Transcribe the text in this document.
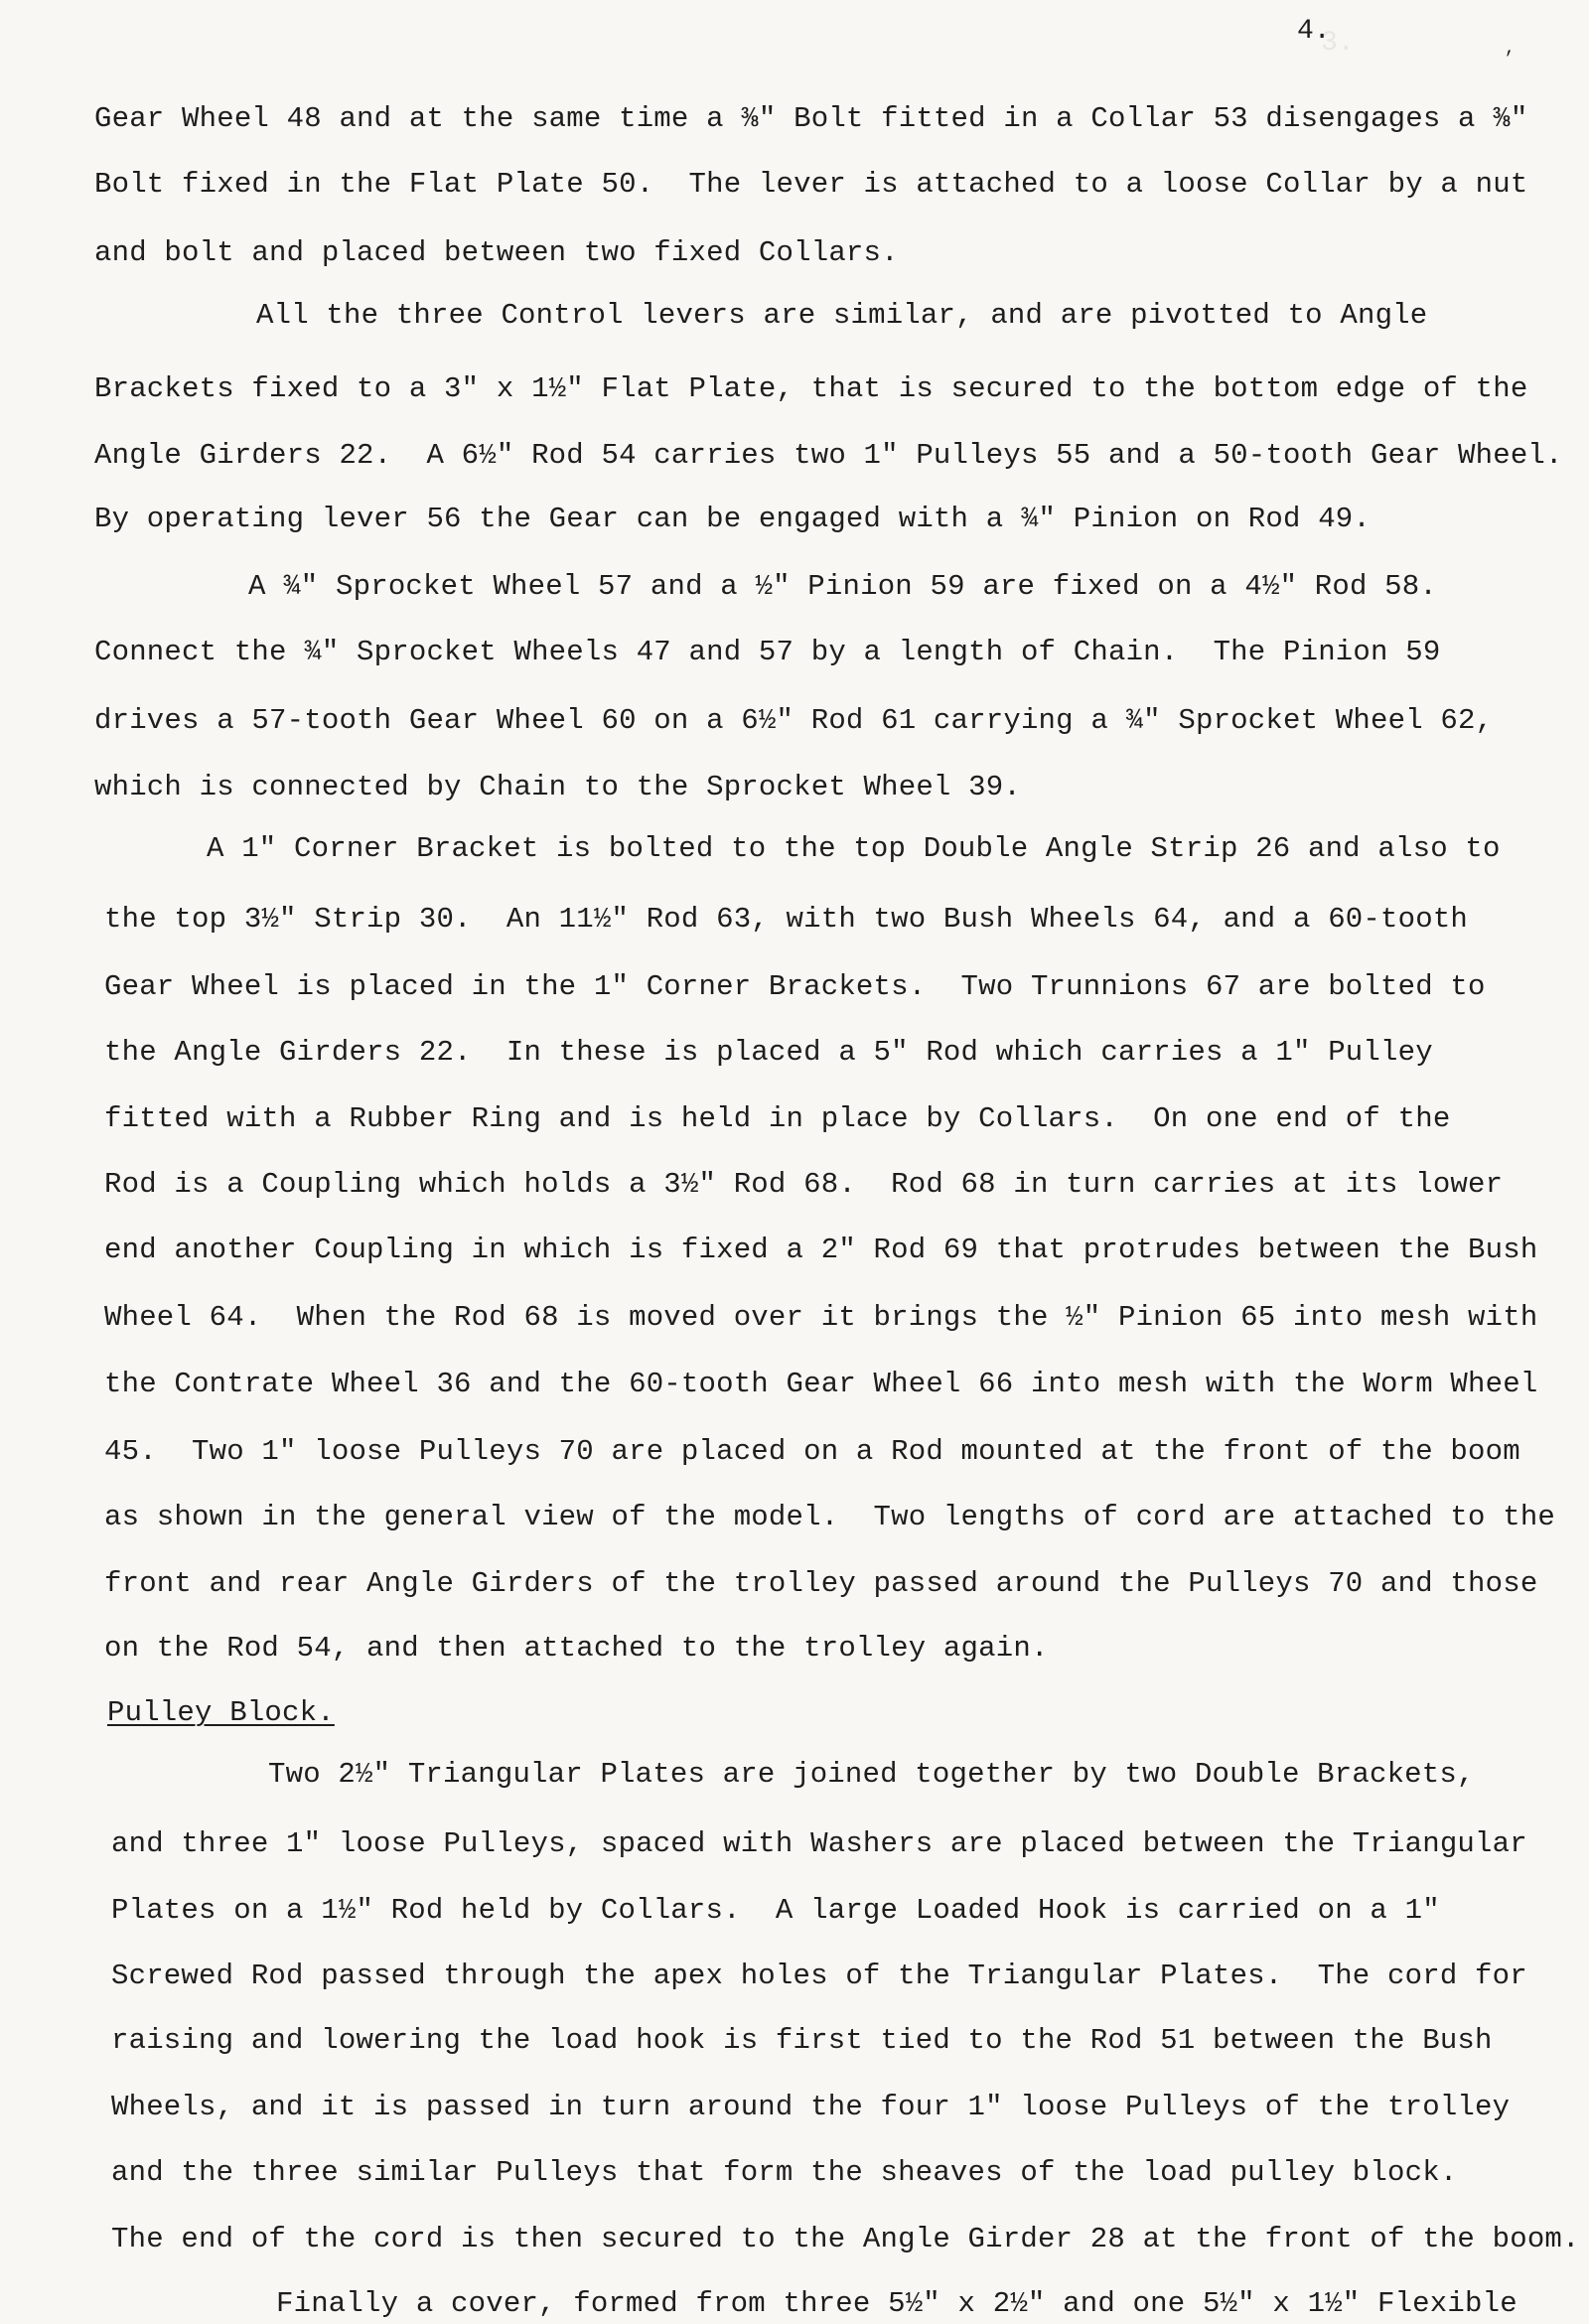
3.

4.
,
Gear Wheel 48 and at the same time a ⅜" Bolt fitted in a Collar 53 disengages a ⅜"
Bolt fixed in the Flat Plate 50.  The lever is attached to a loose Collar by a nut
and bolt and placed between two fixed Collars.
All the three Control levers are similar, and are pivotted to Angle
Brackets fixed to a 3" x 1½" Flat Plate, that is secured to the bottom edge of the
Angle Girders 22.  A 6½" Rod 54 carries two 1" Pulleys 55 and a 50-tooth Gear Wheel.
By operating lever 56 the Gear can be engaged with a ¾" Pinion on Rod 49.
A ¾" Sprocket Wheel 57 and a ½" Pinion 59 are fixed on a 4½" Rod 58.
Connect the ¾" Sprocket Wheels 47 and 57 by a length of Chain.  The Pinion 59
drives a 57-tooth Gear Wheel 60 on a 6½" Rod 61 carrying a ¾" Sprocket Wheel 62,
which is connected by Chain to the Sprocket Wheel 39.
A 1" Corner Bracket is bolted to the top Double Angle Strip 26 and also to
the top 3½" Strip 30.  An 11½" Rod 63, with two Bush Wheels 64, and a 60-tooth
Gear Wheel is placed in the 1" Corner Brackets.  Two Trunnions 67 are bolted to
the Angle Girders 22.  In these is placed a 5" Rod which carries a 1" Pulley
fitted with a Rubber Ring and is held in place by Collars.  On one end of the
Rod is a Coupling which holds a 3½" Rod 68.  Rod 68 in turn carries at its lower
end another Coupling in which is fixed a 2" Rod 69 that protrudes between the Bush
Wheel 64.  When the Rod 68 is moved over it brings the ½" Pinion 65 into mesh with
the Contrate Wheel 36 and the 60-tooth Gear Wheel 66 into mesh with the Worm Wheel
45.  Two 1" loose Pulleys 70 are placed on a Rod mounted at the front of the boom
as shown in the general view of the model.  Two lengths of cord are attached to the
front and rear Angle Girders of the trolley passed around the Pulleys 70 and those
on the Rod 54, and then attached to the trolley again.
Pulley Block.
Two 2½" Triangular Plates are joined together by two Double Brackets,
and three 1" loose Pulleys, spaced with Washers are placed between the Triangular
Plates on a 1½" Rod held by Collars.  A large Loaded Hook is carried on a 1"
Screwed Rod passed through the apex holes of the Triangular Plates.  The cord for
raising and lowering the load hook is first tied to the Rod 51 between the Bush
Wheels, and it is passed in turn around the four 1" loose Pulleys of the trolley
and the three similar Pulleys that form the sheaves of the load pulley block.
The end of the cord is then secured to the Angle Girder 28 at the front of the boom.
Finally a cover, formed from three 5½" x 2½" and one 5½" x 1½" Flexible
